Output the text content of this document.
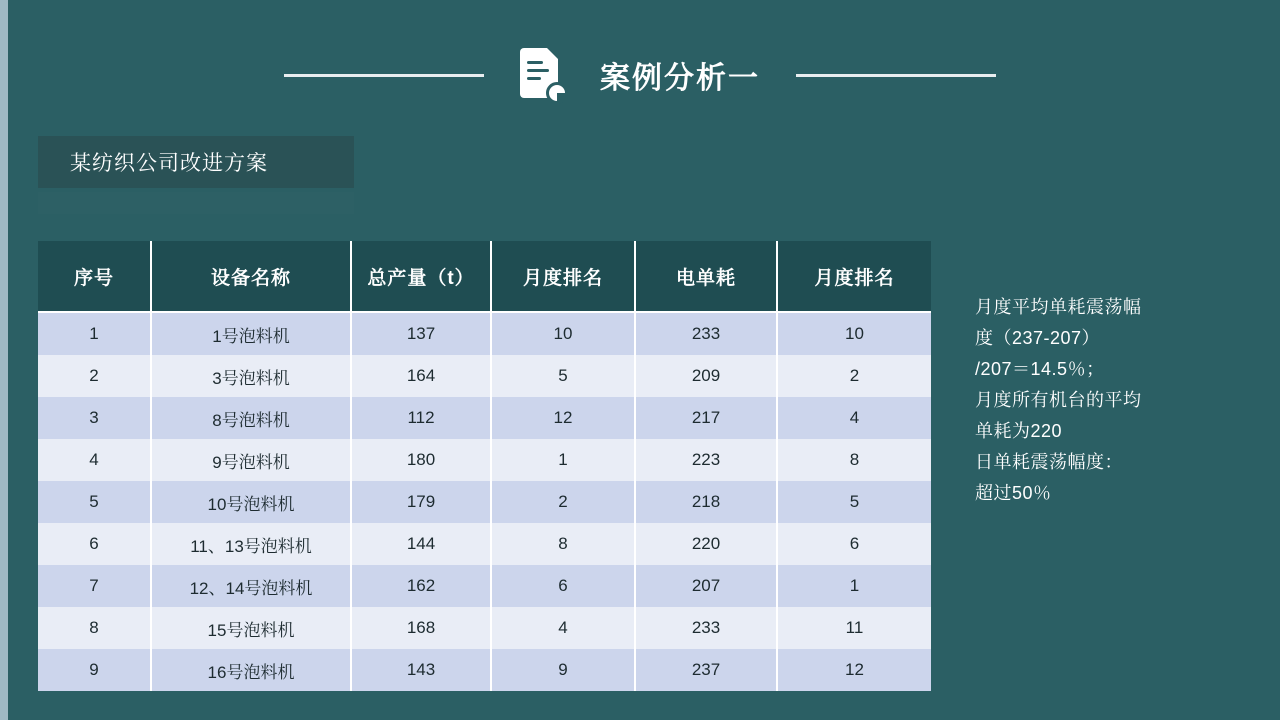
案例分析一
某纺织公司改进方案
序号	设备名称	总产量（t）	月度排名	电单耗	月度排名
1	1号泡料机	137	10	233	10
2	3号泡料机	164	5	209	2
3	8号泡料机	112	12	217	4
4	9号泡料机	180	1	223	8
5	10号泡料机	179	2	218	5
6	11、13号泡料机	144	8	220	6
7	12、14号泡料机	162	6	207	1
8	15号泡料机	168	4	233	11
9	16号泡料机	143	9	237	12

月度平均单耗震荡幅

度（237-207）

/207＝14.5％；

月度所有机台的平均

单耗为220

日单耗震荡幅度：

超过50％
